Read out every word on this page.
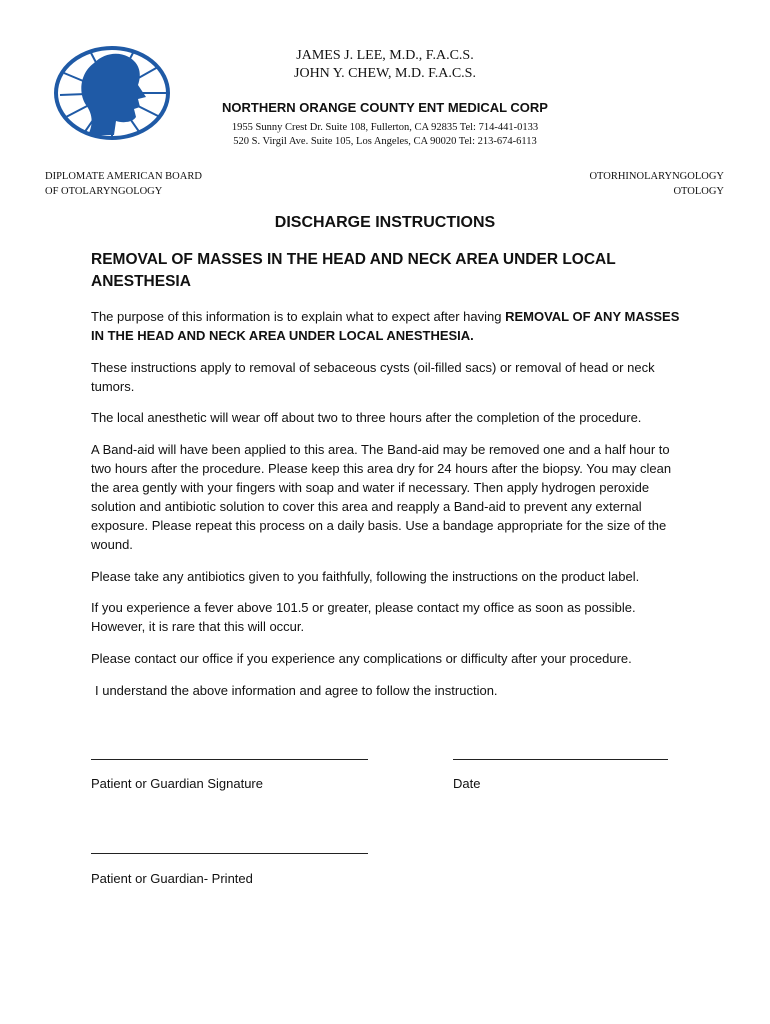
JAMES J. LEE, M.D., F.A.C.S.
JOHN Y. CHEW, M.D. F.A.C.S.
NORTHERN ORANGE COUNTY ENT MEDICAL CORP
1955 Sunny Crest Dr. Suite 108, Fullerton, CA 92835 Tel: 714-441-0133
520 S. Virgil Ave. Suite 105, Los Angeles, CA 90020 Tel: 213-674-6113
DIPLOMATE AMERICAN BOARD
OF OTOLARYNGOLOGY
OTORHINOLARYNGOLOGY
OTOLOGY
DISCHARGE INSTRUCTIONS
REMOVAL OF MASSES IN THE HEAD AND NECK AREA UNDER LOCAL ANESTHESIA
The purpose of this information is to explain what to expect after having REMOVAL OF ANY MASSES IN THE HEAD AND NECK AREA UNDER LOCAL ANESTHESIA.
These instructions apply to removal of sebaceous cysts (oil-filled sacs) or removal of head or neck tumors.
The local anesthetic will wear off about two to three hours after the completion of the procedure.
A Band-aid will have been applied to this area. The Band-aid may be removed one and a half hour to two hours after the procedure. Please keep this area dry for 24 hours after the biopsy. You may clean the area gently with your fingers with soap and water if necessary. Then apply hydrogen peroxide solution and antibiotic solution to cover this area and reapply a Band-aid to prevent any external exposure. Please repeat this process on a daily basis. Use a bandage appropriate for the size of the wound.
Please take any antibiotics given to you faithfully, following the instructions on the product label.
If you experience a fever above 101.5 or greater, please contact my office as soon as possible. However, it is rare that this will occur.
Please contact our office if you experience any complications or difficulty after your procedure.
I understand the above information and agree to follow the instruction.
Patient or Guardian Signature	Date
Patient or Guardian- Printed
